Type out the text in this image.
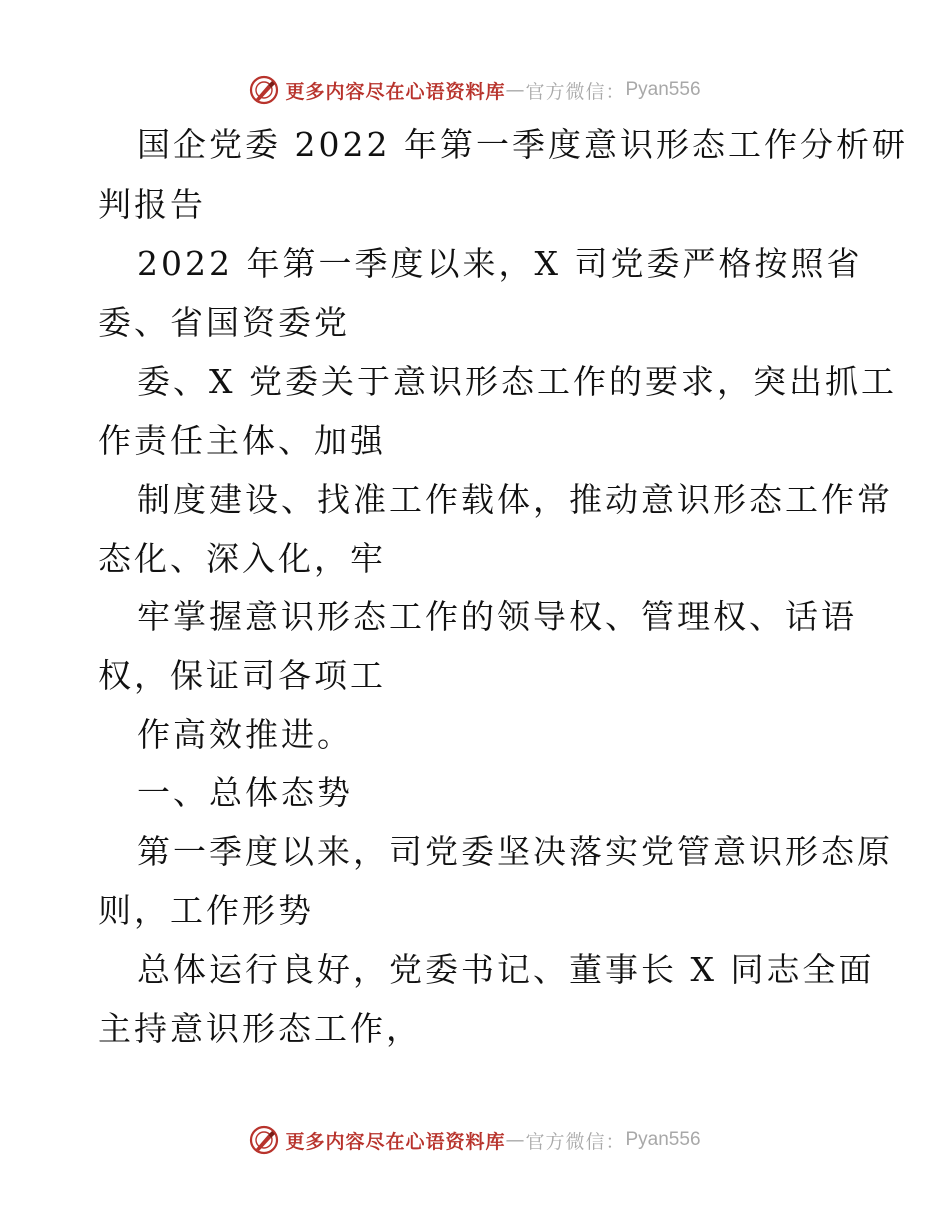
更多内容尽在心语资料库 — 官方微信： Pyan556
国企党委 2022 年第一季度意识形态工作分析研
判报告
2022 年第一季度以来，X 司党委严格按照省
委、省国资委党
委、X 党委关于意识形态工作的要求，突出抓工
作责任主体、加强
制度建设、找准工作载体，推动意识形态工作常
态化、深入化，牢
牢掌握意识形态工作的领导权、管理权、话语
权，保证司各项工
作高效推进。
一、总体态势
第一季度以来，司党委坚决落实党管意识形态原
则，工作形势
总体运行良好，党委书记、董事长 X 同志全面
主持意识形态工作，
更多内容尽在心语资料库 — 官方微信： Pyan556
